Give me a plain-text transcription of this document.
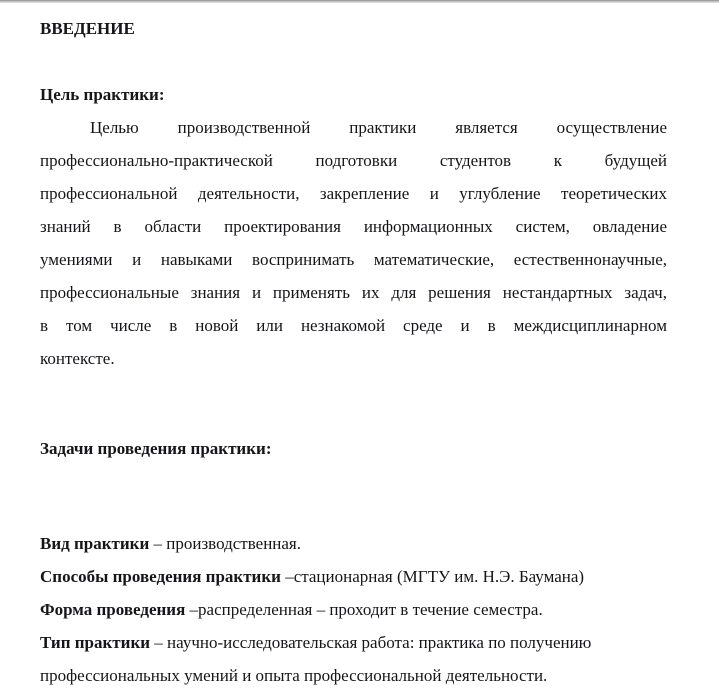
ВВЕДЕНИЕ
Цель практики:
Целью производственной практики является осуществление
профессионально-практической подготовки студентов к будущей
профессиональной деятельности, закрепление и углубление теоретических
знаний в области проектирования информационных систем, овладение
умениями и навыками воспринимать математические, естественнонаучные,
профессиональные знания и применять их для решения нестандартных задач,
в том числе в новой или незнакомой среде и в междисциплинарном
контексте.
Задачи проведения практики:
Вид практики – производственная.
Способы проведения практики –стационарная (МГТУ им. Н.Э. Баумана)
Форма проведения –распределенная – проходит в течение семестра.
Тип практики – научно-исследовательская работа: практика по получению
профессиональных умений и опыта профессиональной деятельности.
